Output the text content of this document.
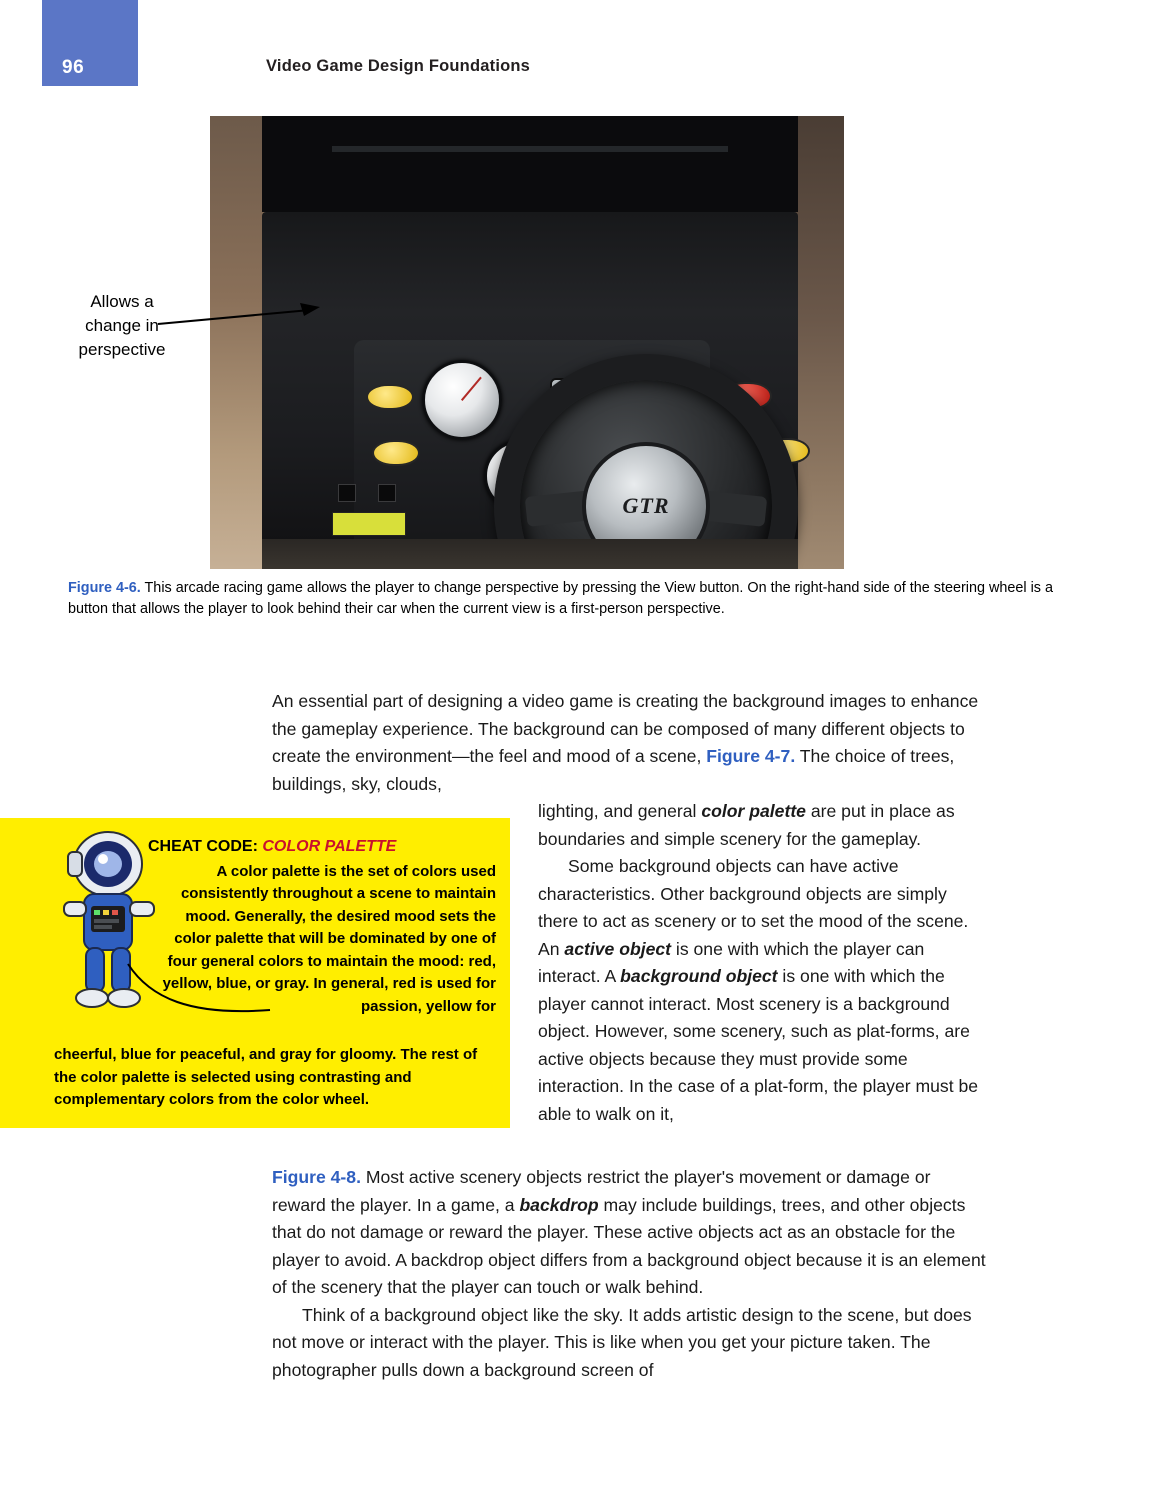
96	Video Game Design Foundations
GTR
Allows a change in perspective
Figure 4-6. This arcade racing game allows the player to change perspective by pressing the View button. On the right-hand side of the steering wheel is a button that allows the player to look behind their car when the current view is a first-person perspective.
An essential part of designing a video game is creating the background images to enhance the gameplay experience. The background can be composed of many different objects to create the environment—the feel and mood of a scene, Figure 4-7. The choice of trees, buildings, sky, clouds,
lighting, and general color palette are put in place as boundaries and simple scenery for the gameplay.
Some background objects can have active characteristics. Other background objects are simply there to act as scenery or to set the mood of the scene. An active object is one with which the player can interact. A background object is one with which the player cannot interact. Most scenery is a background object. However, some scenery, such as plat-forms, are active objects because they must provide some interaction. In the case of a plat-form, the player must be able to walk on it,
CHEAT CODE: COLOR PALETTE
A color palette is the set of colors used consistently throughout a scene to maintain mood. Generally, the desired mood sets the color palette that will be dominated by one of four general colors to maintain the mood: red, yellow, blue, or gray. In general, red is used for passion, yellow for
cheerful, blue for peaceful, and gray for gloomy. The rest of the color palette is selected using contrasting and complementary colors from the color wheel.
Figure 4-8. Most active scenery objects restrict the player's movement or damage or reward the player. In a game, a backdrop may include buildings, trees, and other objects that do not damage or reward the player. These active objects act as an obstacle for the player to avoid. A backdrop object differs from a background object because it is an element of the scenery that the player can touch or walk behind.
Think of a background object like the sky. It adds artistic design to the scene, but does not move or interact with the player. This is like when you get your picture taken. The photographer pulls down a background screen of
